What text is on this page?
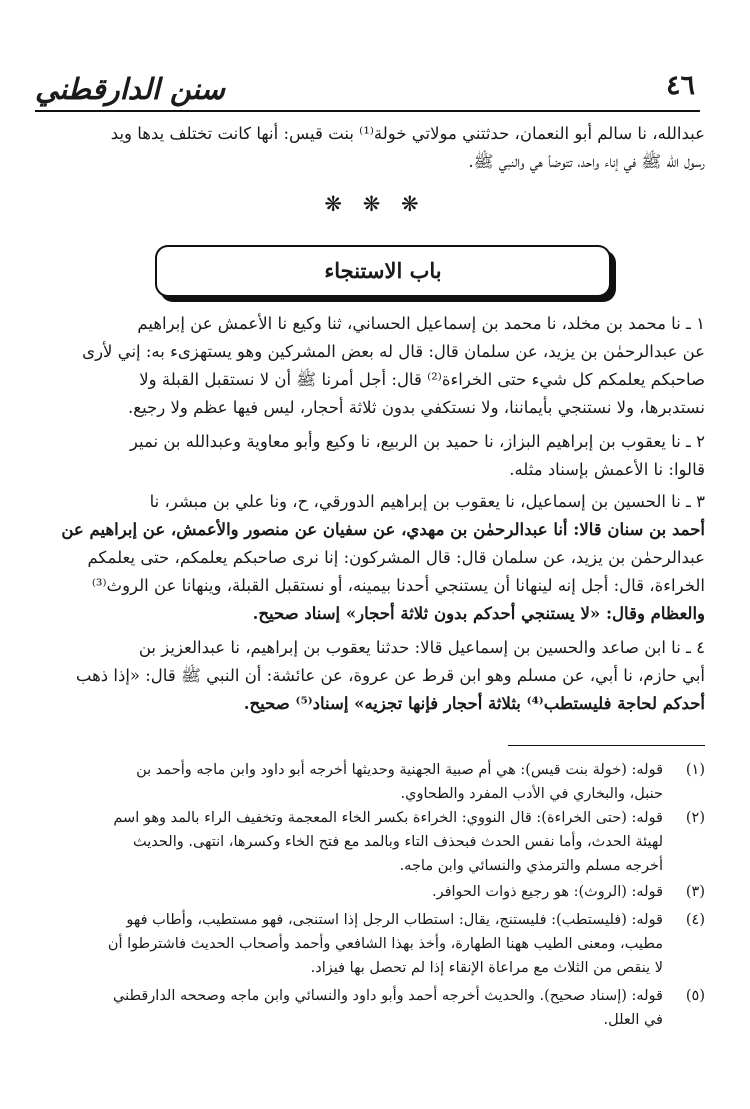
٤٦
سنن الدارقطني
عبدالله، نا سالم أبو النعمان، حدثتني مولاتي خولة⁽¹⁾ بنت قيس: أنها كانت تختلف يدها ويد
رسول الله ﷺ في إناء واحد، تتوضأ هي والنبي ﷺ.
❋ ❋ ❋
باب الاستنجاء
١ ـ نا محمد بن مخلد، نا محمد بن إسماعيل الحساني، ثنا وكيع نا الأعمش عن إبراهيم
عن عبدالرحمٰن بن يزيد، عن سلمان قال: قال له بعض المشركين وهو يستهزىء به: إني لأرى
صاحبكم يعلمكم كل شيء حتى الخراءة⁽²⁾ قال: أجل أمرنا ﷺ أن لا نستقبل القبلة ولا
نستدبرها، ولا نستنجي بأيماننا، ولا نستكفي بدون ثلاثة أحجار، ليس فيها عظم ولا رجيع.
٢ ـ نا يعقوب بن إبراهيم البزاز، نا حميد بن الربيع، نا وكيع وأبو معاوية وعبدالله بن نمير
قالوا: نا الأعمش بإسناد مثله.
٣ ـ نا الحسين بن إسماعيل، نا يعقوب بن إبراهيم الدورقي، ح، ونا علي بن مبشر، نا
أحمد بن سنان قالا: أنا عبدالرحمٰن بن مهدي، عن سفيان عن منصور والأعمش، عن إبراهيم عن
عبدالرحمٰن بن يزيد، عن سلمان قال: قال المشركون: إنا نرى صاحبكم يعلمكم، حتى يعلمكم
الخراءة، قال: أجل إنه لينهانا أن يستنجي أحدنا بيمينه، أو نستقبل القبلة، وينهانا عن الروث⁽³⁾
والعظام وقال: «لا يستنجي أحدكم بدون ثلاثة أحجار» إسناد صحيح.
٤ ـ نا ابن صاعد والحسين بن إسماعيل قالا: حدثنا يعقوب بن إبراهيم، نا عبدالعزيز بن
أبي حازم، نا أبي، عن مسلم وهو ابن قرط عن عروة، عن عائشة: أن النبي ﷺ قال: «إذا ذهب
أحدكم لحاجة فليستطب⁽⁴⁾ بثلاثة أحجار فإنها تجزيه» إسناد⁽⁵⁾ صحيح.
(١)
قوله: (خولة بنت قيس): هي أم صبية الجهنية وحديثها أخرجه أبو داود وابن ماجه وأحمد بن
حنبل، والبخاري في الأدب المفرد والطحاوي.
(٢)
قوله: (حتى الخراءة): قال النووي: الخراءة بكسر الخاء المعجمة وتخفيف الراء بالمد وهو اسم
لهيئة الحدث، وأما نفس الحدث فبحذف التاء وبالمد مع فتح الخاء وكسرها، انتهى. والحديث
أخرجه مسلم والترمذي والنسائي وابن ماجه.
(٣)
قوله: (الروث): هو رجيع ذوات الحوافر.
(٤)
قوله: (فليستطب): فليستنج، يقال: استطاب الرجل إذا استنجى، فهو مستطيب، وأطاب فهو
مطيب، ومعنى الطيب ههنا الطهارة، وأخذ بهذا الشافعي وأحمد وأصحاب الحديث فاشترطوا أن
لا ينقص من الثلاث مع مراعاة الإنقاء إذا لم تحصل بها فيزاد.
(٥)
قوله: (إسناد صحيح). والحديث أخرجه أحمد وأبو داود والنسائي وابن ماجه وصححه الدارقطني
في العلل.
